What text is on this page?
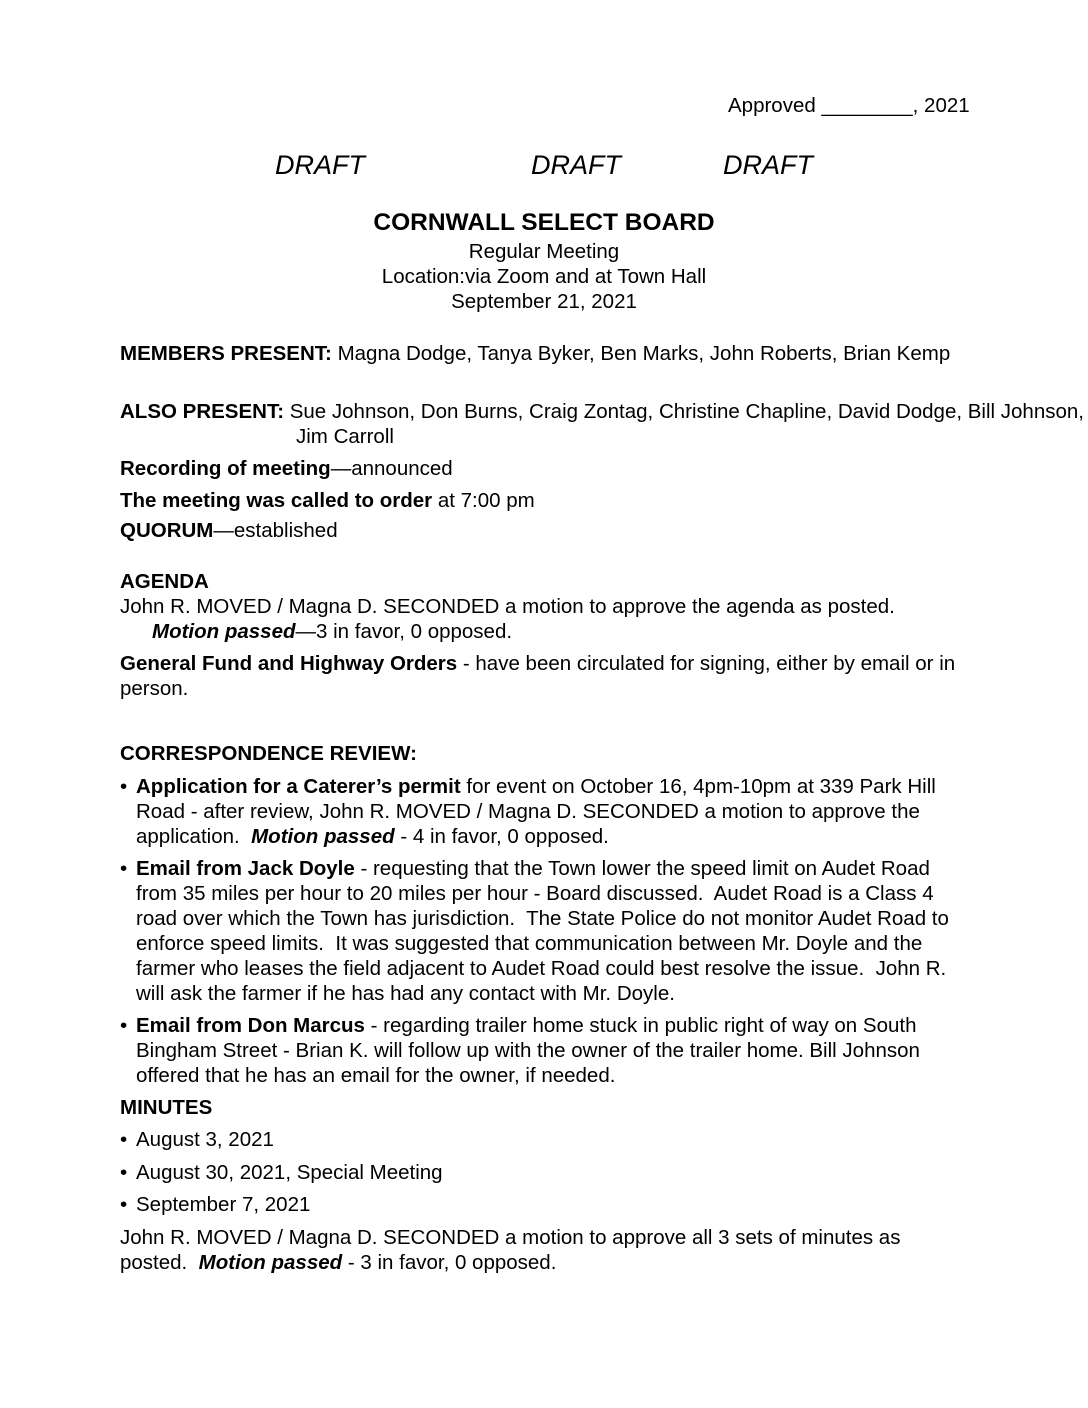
Approved ________, 2021
DRAFT	DRAFT	DRAFT
CORNWALL SELECT BOARD
Regular Meeting
Location:via Zoom and at Town Hall
September 21, 2021
MEMBERS PRESENT: Magna Dodge, Tanya Byker, Ben Marks, John Roberts, Brian Kemp
ALSO PRESENT: Sue Johnson, Don Burns, Craig Zontag, Christine Chapline, David Dodge, Bill Johnson, Jim Carroll
Recording of meeting—announced
The meeting was called to order at 7:00 pm
QUORUM—established
AGENDA
John R. MOVED / Magna D. SECONDED a motion to approve the agenda as posted.
Motion passed—3 in favor, 0 opposed.
General Fund and Highway Orders - have been circulated for signing, either by email or in person.
CORRESPONDENCE REVIEW:
• Application for a Caterer’s permit for event on October 16, 4pm-10pm at 339 Park Hill Road - after review, John R. MOVED / Magna D. SECONDED a motion to approve the application.  Motion passed - 4 in favor, 0 opposed.
• Email from Jack Doyle - requesting that the Town lower the speed limit on Audet Road from 35 miles per hour to 20 miles per hour - Board discussed.  Audet Road is a Class 4 road over which the Town has jurisdiction.  The State Police do not monitor Audet Road to enforce speed limits.  It was suggested that communication between Mr. Doyle and the farmer who leases the field adjacent to Audet Road could best resolve the issue.  John R. will ask the farmer if he has had any contact with Mr. Doyle.
• Email from Don Marcus - regarding trailer home stuck in public right of way on South Bingham Street - Brian K. will follow up with the owner of the trailer home. Bill Johnson offered that he has an email for the owner, if needed.
MINUTES
• August 3, 2021
• August 30, 2021, Special Meeting
• September 7, 2021
John R. MOVED / Magna D. SECONDED a motion to approve all 3 sets of minutes as posted.  Motion passed - 3 in favor, 0 opposed.
